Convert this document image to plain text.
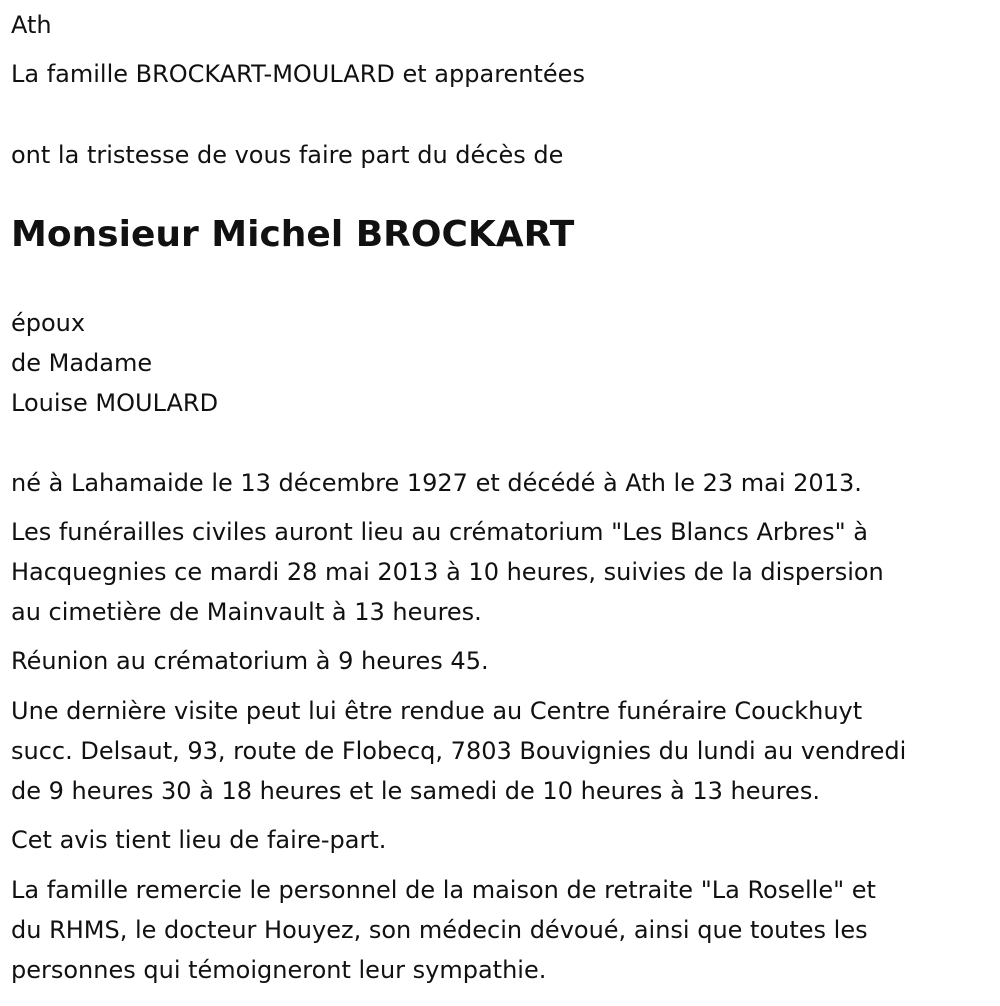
Ath

La famille BROCKART-MOULARD et apparentées

ont la tristesse de vous faire part du décès de

Monsieur Michel BROCKART
époux
de Madame
Louise MOULARD

né à Lahamaide le 13 décembre 1927 et décédé à Ath le 23 mai 2013.

Les funérailles civiles auront lieu au crématorium "Les Blancs Arbres" à
Hacquegnies ce mardi 28 mai 2013 à 10 heures, suivies de la dispersion
au cimetière de Mainvault à 13 heures.

Réunion au crématorium à 9 heures 45.

Une dernière visite peut lui être rendue au Centre funéraire Couckhuyt
succ. Delsaut, 93, route de Flobecq, 7803 Bouvignies du lundi au vendredi
de 9 heures 30 à 18 heures et le samedi de 10 heures à 13 heures.

Cet avis tient lieu de faire-part.

La famille remercie le personnel de la maison de retraite "La Roselle" et
du RHMS, le docteur Houyez, son médecin dévoué, ainsi que toutes les
personnes qui témoigneront leur sympathie.
